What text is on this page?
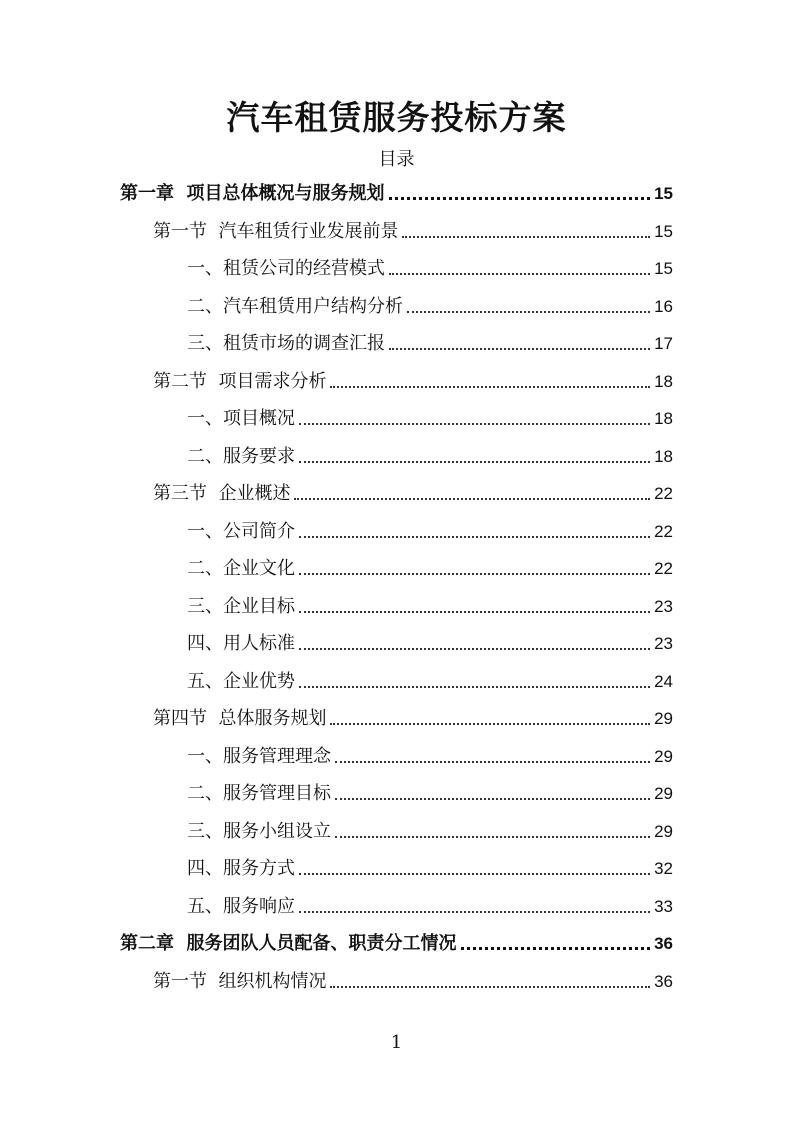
汽车租赁服务投标方案
目录
第一章  项目总体概况与服务规划	15
第一节  汽车租赁行业发展前景	15
一、租赁公司的经营模式	15
二、汽车租赁用户结构分析	16
三、租赁市场的调查汇报	17
第二节  项目需求分析	18
一、项目概况	18
二、服务要求	18
第三节  企业概述	22
一、公司简介	22
二、企业文化	22
三、企业目标	23
四、用人标准	23
五、企业优势	24
第四节  总体服务规划	29
一、服务管理理念	29
二、服务管理目标	29
三、服务小组设立	29
四、服务方式	32
五、服务响应	33
第二章  服务团队人员配备、职责分工情况	36
第一节  组织机构情况	36
1
